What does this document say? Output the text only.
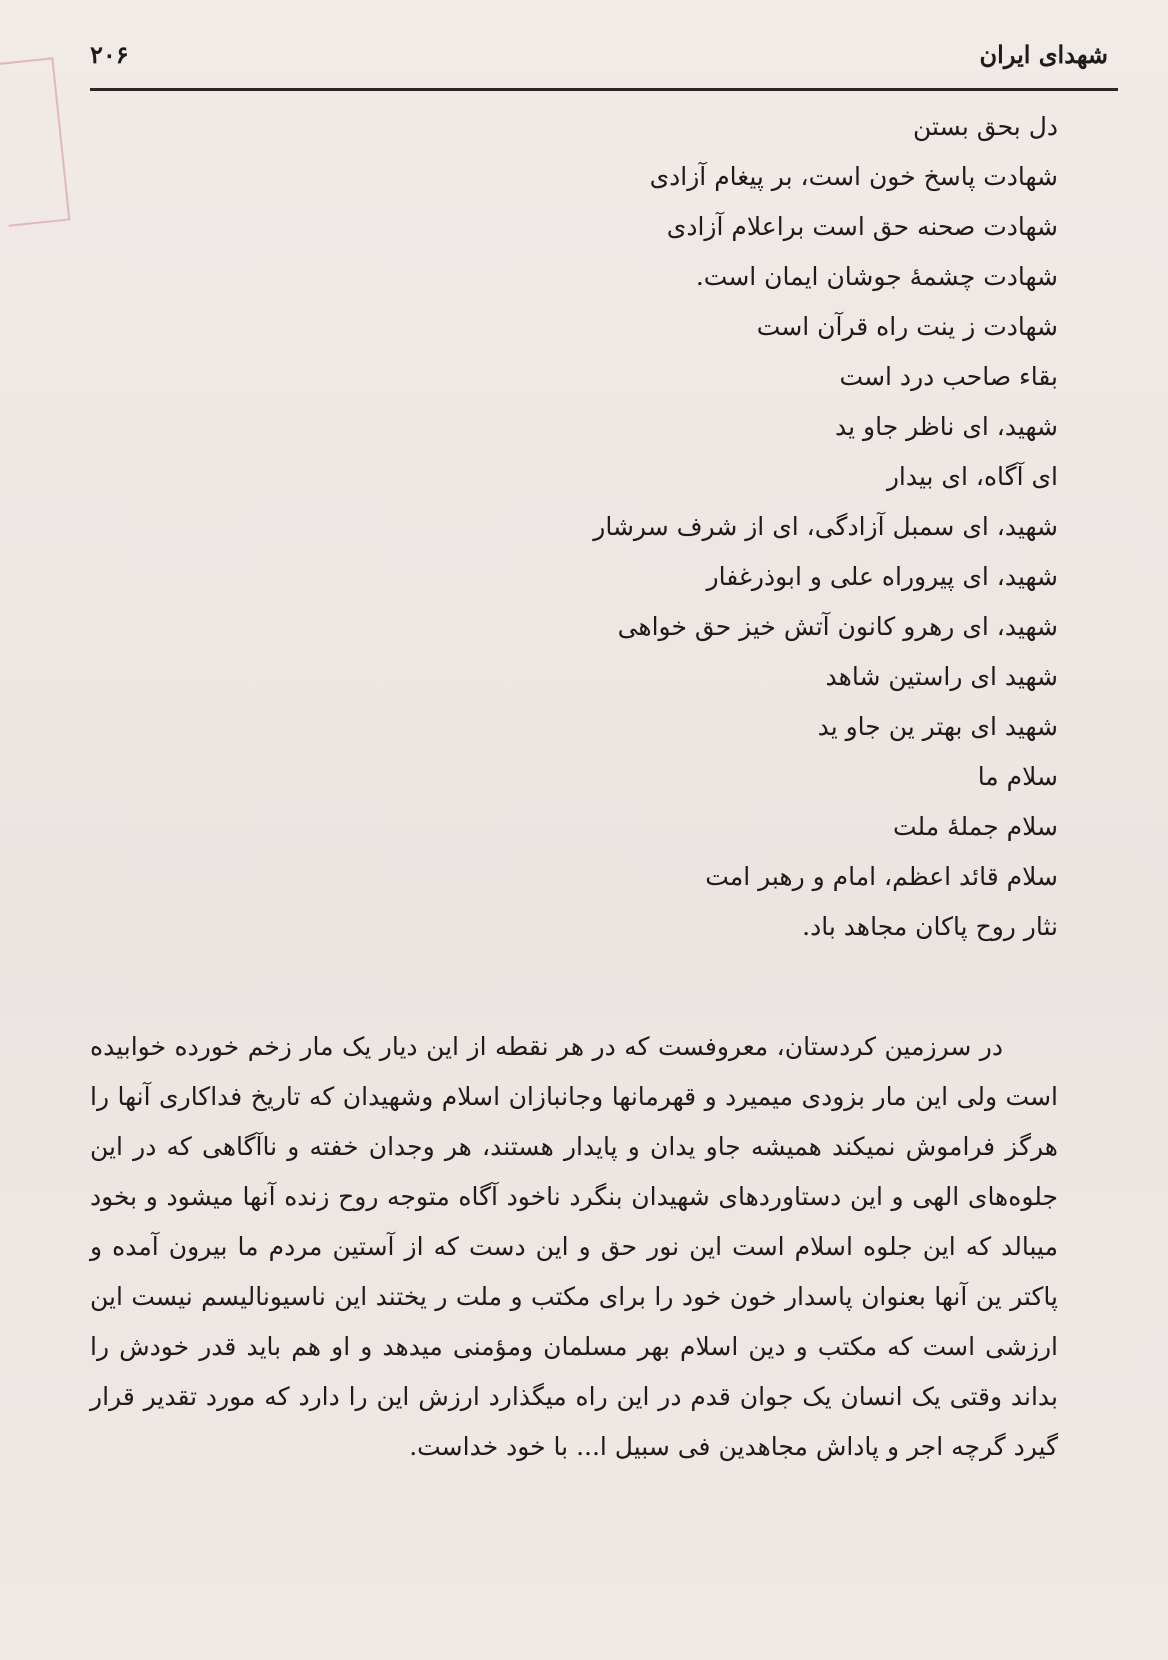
شهدای ایران
۲۰۶
دل بحق بستن
شهادت پاسخ خون است، بر پیغام آزادی
شهادت صحنه حق است براعلام آزادی
شهادت چشمهٔ جوشان ایمان است.
شهادت ز ینت راه قرآن است
بقاء صاحب درد است
شهید، ای ناظر جاو ید
ای آگاه، ای بیدار
شهید، ای سمبل آزادگی، ای از شرف سرشار
شهید، ای پیروراه علی و ابوذرغفار
شهید، ای رهرو کانون آتش خیز حق خواهی
شهید ای راستین شاهد
شهید ای بهتر ین جاو ید
سلام ما
سلام جملهٔ ملت
سلام قائد اعظم، امام و رهبر امت
نثار روح پاکان مجاهد باد.

در سرزمین کردستان، معروفست که در هر نقطه از این دیار یک مار زخم خورده خوابیده است ولی این مار بزودی میمیرد و قهرمانها وجانبازان اسلام وشهیدان که تاریخ فداکاری آنها را هرگز فراموش نمیکند همیشه جاو یدان و پایدار هستند، هر وجدان خفته و ناآگاهی که در این جلوه‌های الهی و این دستاوردهای شهیدان بنگرد ناخود آگاه متوجه روح زنده آنها میشود و بخود میبالد که این جلوه اسلام است این نور حق و این دست که از آستین مردم ما بیرون آمده و پاکتر ین آنها بعنوان پاسدار خون خود را برای مکتب و ملت ر یختند این ناسیونالیسم نیست این ارزشی است که مکتب و دین اسلام بهر مسلمان ومؤمنی میدهد و او هم باید قدر خودش را بداند وقتی یک انسان یک جوان قدم در این راه میگذارد ارزش این را دارد که مورد تقدیر قرار گیرد گرچه اجر و پاداش مجاهدین فی سبیل ا... با خود خداست.
